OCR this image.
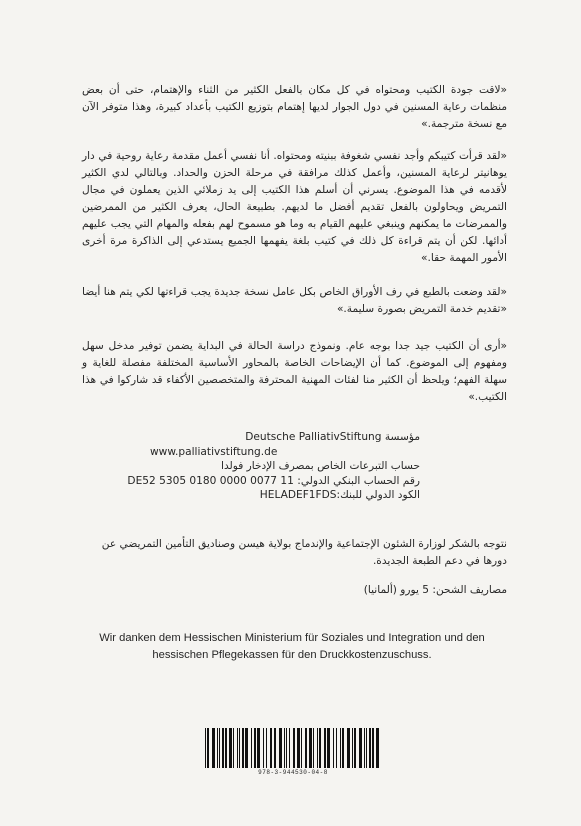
«لاقت جودة الكتيب ومحتواه في كل مكان بالفعل الكثير من الثناء والإهتمام، حتى أن بعض منظمات رعاية المسنين في دول الجوار لديها إهتمام بتوزيع الكتيب بأعداد كبيرة، وهذا متوفر الآن مع نسخة مترجمة.»

«لقد قرأت كتيبكم وأجد نفسي شغوفة ببنيته ومحتواه. أنا نفسي أعمل مقدمة رعاية روحية في دار يوهانيتر لرعاية المسنين، وأعمل كذلك مرافقة في مرحلة الحزن والحداد. وبالتالي لدي الكثير لأقدمه في هذا الموضوع. يسرني أن أسلم هذا الكتيب إلى يد زملائي الذين يعملون في مجال التمريض ويحاولون بالفعل تقديم أفضل ما لديهم. بطبيعة الحال، يعرف الكثير من الممرضين والممرضات ما يمكنهم وينبغي عليهم القيام به وما هو مسموح لهم بفعله والمهام التي يجب عليهم أدائها. لكن أن يتم قراءة كل ذلك في كتيب بلغة يفهمها الجميع يستدعي إلى الذاكرة مرة أخرى الأمور المهمة حقا.»

«لقد وضعت بالطبع في رف الأوراق الخاص بكل عامل نسخة جديدة يجب قراءتها لكي يتم هنا أيضا «تقديم خدمة التمريض بصورة سليمة.»

«أرى أن الكتيب جيد جدا بوجه عام. ونموذج دراسة الحالة في البداية يضمن توفير مدخل سهل ومفهوم إلى الموضوع. كما أن الإيضاحات الخاصة بالمحاور الأساسية المختلفة مفصلة للغاية و سهلة الفهم؛ ويلحظ أن الكثير منا لفئات المهنية المحترفة والمتخصصين الأكفاء قد شاركوا في هذا الكتيب.»

مؤسسة Deutsche PalliativStiftung
www.palliativstiftung.de
حساب التبرعات الخاص بمصرف الإدخار فولدا
رقم الحساب البنكي الدولي: DE52 5305 0180 0000 0077 11
الكود الدولي للبنك:HELADEF1FDS

نتوجه بالشكر لوزارة الشئون الإجتماعية والإندماج بولاية هيسن وصناديق التأمين التمريضي عن دورها في دعم الطبعة الجديدة.

مصاريف الشحن: 5 يورو (ألمانيا)

Wir danken dem Hessischen Ministerium für Soziales und Integration und den hessischen Pflegekassen für den Druckkostenzuschuss.
978-3-944530-04-8
